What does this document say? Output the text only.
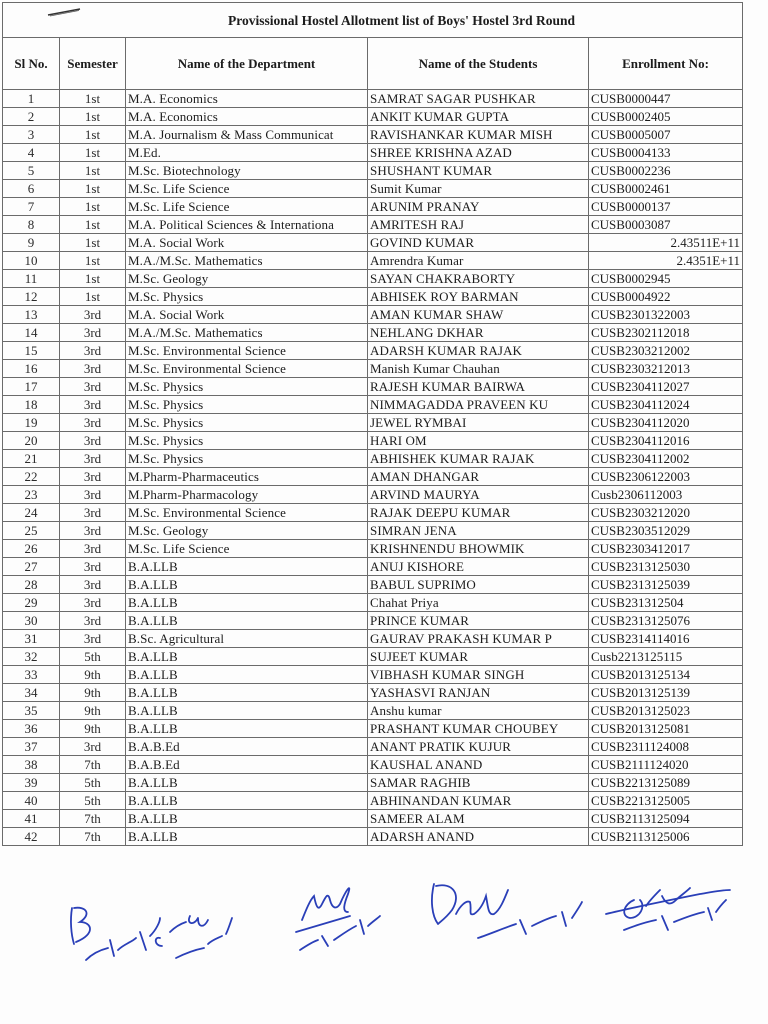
Provissional Hostel Allotment list of Boys' Hostel 3rd Round				
Sl No.	Semester	Name of the Department	Name of the Students	Enrollment No:
1	1st	M.A. Economics	SAMRAT SAGAR PUSHKAR	CUSB0000447
2	1st	M.A. Economics	ANKIT KUMAR GUPTA	CUSB0002405
3	1st	M.A. Journalism & Mass Communicat	RAVISHANKAR KUMAR MISH	CUSB0005007
4	1st	M.Ed.	SHREE KRISHNA AZAD	CUSB0004133
5	1st	M.Sc. Biotechnology	SHUSHANT KUMAR	CUSB0002236
6	1st	M.Sc. Life Science	Sumit Kumar	CUSB0002461
7	1st	M.Sc. Life Science	ARUNIM PRANAY	CUSB0000137
8	1st	M.A. Political Sciences & Internationa	AMRITESH RAJ	CUSB0003087
9	1st	M.A. Social Work	GOVIND KUMAR	2.43511E+11
10	1st	M.A./M.Sc. Mathematics	Amrendra Kumar	2.4351E+11
11	1st	M.Sc. Geology	SAYAN CHAKRABORTY	CUSB0002945
12	1st	M.Sc. Physics	ABHISEK ROY BARMAN	CUSB0004922
13	3rd	M.A. Social Work	AMAN KUMAR SHAW	CUSB2301322003
14	3rd	M.A./M.Sc. Mathematics	NEHLANG DKHAR	CUSB2302112018
15	3rd	M.Sc. Environmental Science	ADARSH KUMAR RAJAK	CUSB2303212002
16	3rd	M.Sc. Environmental Science	Manish Kumar Chauhan	CUSB2303212013
17	3rd	M.Sc. Physics	RAJESH KUMAR BAIRWA	CUSB2304112027
18	3rd	M.Sc. Physics	NIMMAGADDA PRAVEEN KU	CUSB2304112024
19	3rd	M.Sc. Physics	JEWEL RYMBAI	CUSB2304112020
20	3rd	M.Sc. Physics	HARI OM	CUSB2304112016
21	3rd	M.Sc. Physics	ABHISHEK KUMAR RAJAK	CUSB2304112002
22	3rd	M.Pharm-Pharmaceutics	AMAN DHANGAR	CUSB2306122003
23	3rd	M.Pharm-Pharmacology	ARVIND MAURYA	Cusb2306112003
24	3rd	M.Sc. Environmental Science	RAJAK DEEPU KUMAR	CUSB2303212020
25	3rd	M.Sc. Geology	SIMRAN JENA	CUSB2303512029
26	3rd	M.Sc. Life Science	KRISHNENDU BHOWMIK	CUSB2303412017
27	3rd	B.A.LLB	ANUJ KISHORE	CUSB2313125030
28	3rd	B.A.LLB	BABUL SUPRIMO	CUSB2313125039
29	3rd	B.A.LLB	Chahat Priya	CUSB231312504
30	3rd	B.A.LLB	PRINCE KUMAR	CUSB2313125076
31	3rd	B.Sc. Agricultural	GAURAV PRAKASH KUMAR P	CUSB2314114016
32	5th	B.A.LLB	SUJEET KUMAR	Cusb2213125115
33	9th	B.A.LLB	VIBHASH KUMAR SINGH	CUSB2013125134
34	9th	B.A.LLB	YASHASVI RANJAN	CUSB2013125139
35	9th	B.A.LLB	Anshu kumar	CUSB2013125023
36	9th	B.A.LLB	PRASHANT KUMAR CHOUBEY	CUSB2013125081
37	3rd	B.A.B.Ed	ANANT PRATIK KUJUR	CUSB2311124008
38	7th	B.A.B.Ed	KAUSHAL ANAND	CUSB2111124020
39	5th	B.A.LLB	SAMAR RAGHIB	CUSB2213125089
40	5th	B.A.LLB	ABHINANDAN KUMAR	CUSB2213125005
41	7th	B.A.LLB	SAMEER ALAM	CUSB2113125094
42	7th	B.A.LLB	ADARSH ANAND	CUSB2113125006
